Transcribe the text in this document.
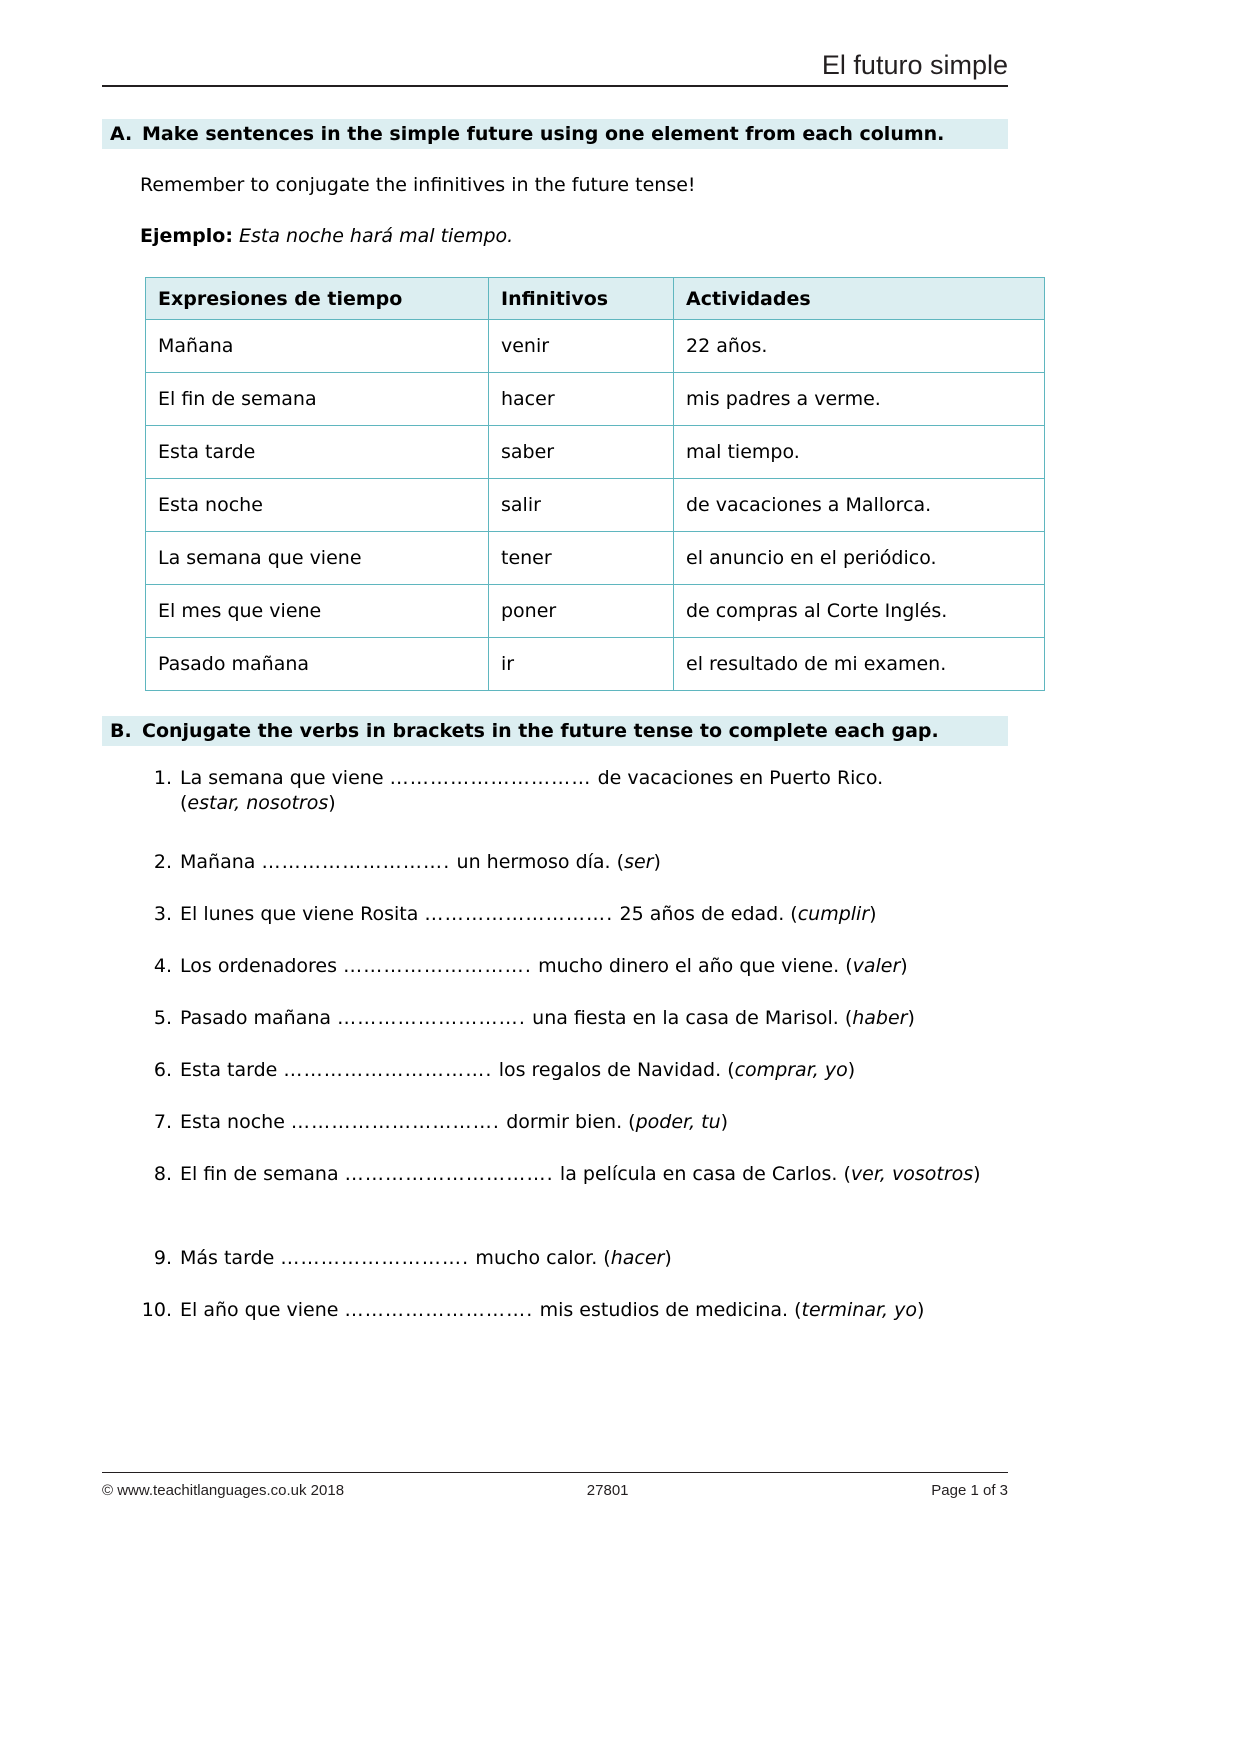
El futuro simple
A. Make sentences in the simple future using one element from each column.
Remember to conjugate the infinitives in the future tense!
Ejemplo: Esta noche hará mal tiempo.
Expresiones de tiempo	Infinitivos	Actividades
Mañana	venir	22 años.
El fin de semana	hacer	mis padres a verme.
Esta tarde	saber	mal tiempo.
Esta noche	salir	de vacaciones a Mallorca.
La semana que viene	tener	el anuncio en el periódico.
El mes que viene	poner	de compras al Corte Inglés.
Pasado mañana	ir	el resultado de mi examen.
B. Conjugate the verbs in brackets in the future tense to complete each gap.
1. La semana que viene ………………………… de vacaciones en Puerto Rico.
(estar, nosotros)
2. Mañana ………………………. un hermoso día. (ser)
3. El lunes que viene Rosita ………………………. 25 años de edad. (cumplir)
4. Los ordenadores ………………………. mucho dinero el año que viene. (valer)
5. Pasado mañana ………………………. una fiesta en la casa de Marisol. (haber)
6. Esta tarde …………………………. los regalos de Navidad. (comprar, yo)
7. Esta noche …………………………. dormir bien. (poder, tu)
8. El fin de semana …………………………. la película en casa de Carlos. (ver, vosotros)
9. Más tarde ………………………. mucho calor. (hacer)
10. El año que viene ………………………. mis estudios de medicina. (terminar, yo)
© www.teachitlanguages.co.uk 2018	27801	Page 1 of 3
